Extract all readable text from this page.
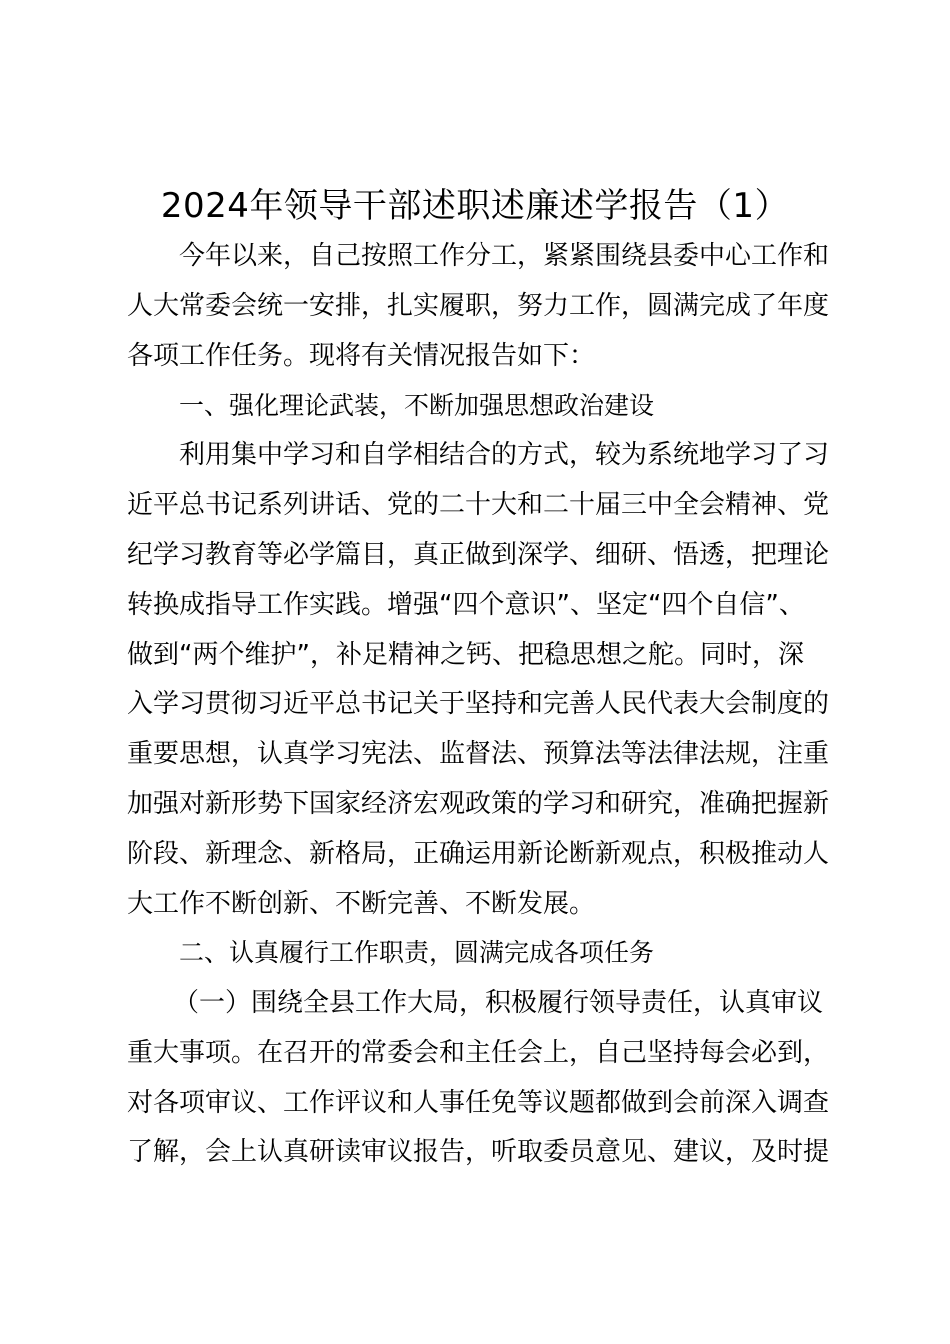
2024年领导干部述职述廉述学报告（1）
今年以来，自己按照工作分工，紧紧围绕县委中心工作和
人大常委会统一安排，扎实履职，努力工作，圆满完成了年度
各项工作任务。现将有关情况报告如下：
一、强化理论武装，不断加强思想政治建设
利用集中学习和自学相结合的方式，较为系统地学习了习
近平总书记系列讲话、党的二十大和二十届三中全会精神、党
纪学习教育等必学篇目，真正做到深学、细研、悟透，把理论
转换成指导工作实践。增强“四个意识”、坚定“四个自信”、
做到“两个维护”，补足精神之钙、把稳思想之舵。同时，深
入学习贯彻习近平总书记关于坚持和完善人民代表大会制度的
重要思想，认真学习宪法、监督法、预算法等法律法规，注重
加强对新形势下国家经济宏观政策的学习和研究，准确把握新
阶段、新理念、新格局，正确运用新论断新观点，积极推动人
大工作不断创新、不断完善、不断发展。
二、认真履行工作职责，圆满完成各项任务
（一）围绕全县工作大局，积极履行领导责任，认真审议
重大事项。在召开的常委会和主任会上，自己坚持每会必到，
对各项审议、工作评议和人事任免等议题都做到会前深入调查
了解，会上认真研读审议报告，听取委员意见、建议，及时提
